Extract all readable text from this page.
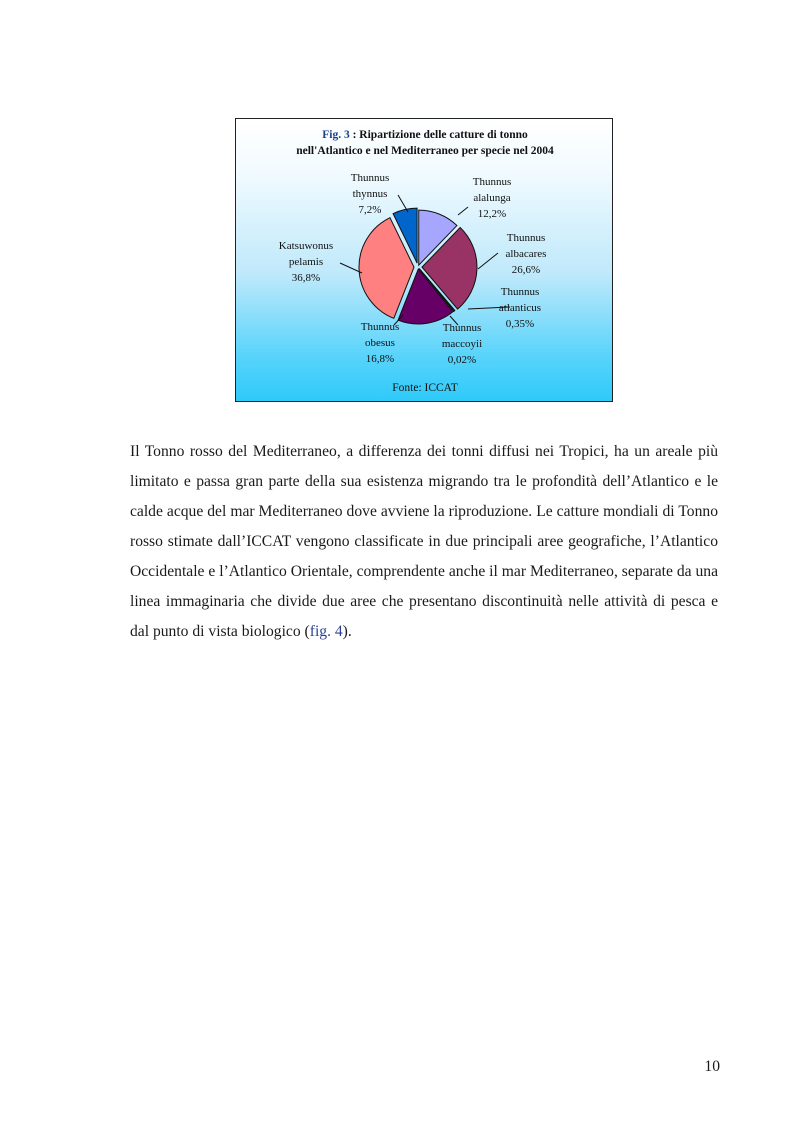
Fig. 3 : Ripartizione delle catture di tonno
nell'Atlantico e nel Mediterraneo per specie nel 2004
Thunnus alalunga 12,2%
Thunnus albacares 26,6%
Thunnus atlanticus 0,35%
Thunnus maccoyii 0,02%
Thunnus obesus 16,8%
Katsuwonus pelamis 36,8%
Thunnus thynnus 7,2%
Fonte: ICCAT
Il Tonno rosso del Mediterraneo, a differenza dei tonni diffusi nei Tropici, ha un areale più limitato e passa gran parte della sua esistenza migrando tra le profondità dell’Atlantico e le calde acque del mar Mediterraneo dove avviene la riproduzione. Le catture mondiali di Tonno rosso stimate dall’ICCAT vengono classificate in due principali aree geografiche, l’Atlantico Occidentale e l’Atlantico Orientale, comprendente anche il mar Mediterraneo, separate da una linea immaginaria che divide due aree che presentano discontinuità nelle attività di pesca e dal punto di vista biologico (fig. 4).
10
